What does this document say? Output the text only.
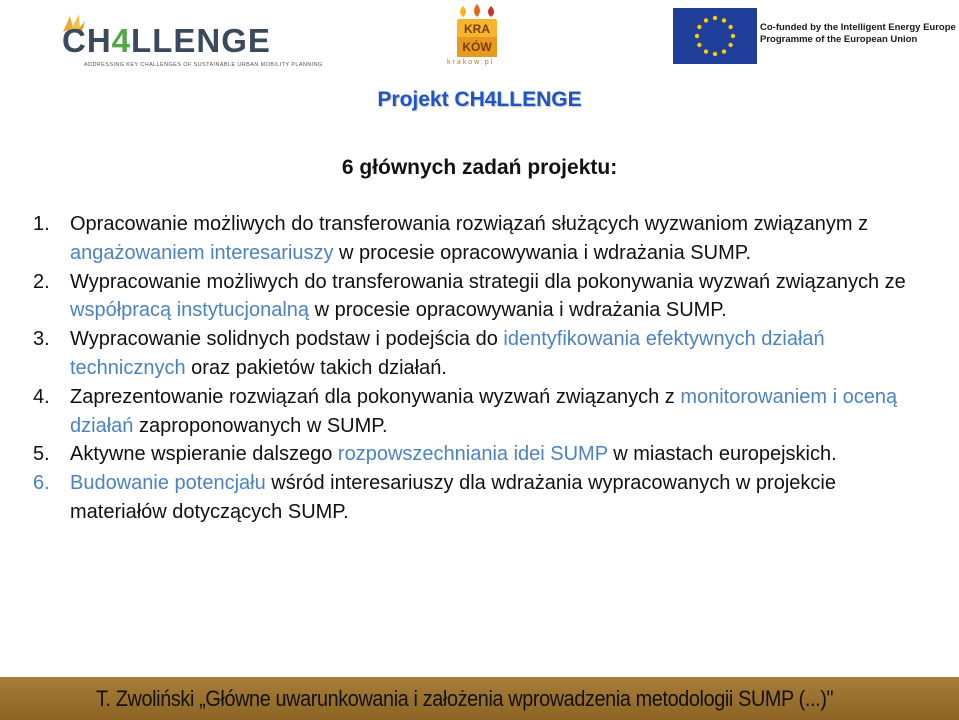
CH4LLENGE
ADDRESSING KEY CHALLENGES OF SUSTAINABLE URBAN MOBILITY PLANNING
KRA
KÓW
krakow.pl
Co-funded by the Intelligent Energy Europe
Programme of the European Union
Projekt CH4LLENGE
6 głównych zadań projektu:
1. Opracowanie możliwych do transferowania rozwiązań służących wyzwaniom związanym z angażowaniem interesariuszy w procesie opracowywania i wdrażania SUMP.
2. Wypracowanie możliwych do transferowania strategii dla pokonywania wyzwań związanych ze współpracą instytucjonalną w procesie opracowywania i wdrażania SUMP.
3. Wypracowanie solidnych podstaw i podejścia do identyfikowania efektywnych działań technicznych oraz pakietów takich działań.
4. Zaprezentowanie rozwiązań dla pokonywania wyzwań związanych z monitorowaniem i oceną działań zaproponowanych w SUMP.
5. Aktywne wspieranie dalszego rozpowszechniania idei SUMP w miastach europejskich.
6. Budowanie potencjału wśród interesariuszy dla wdrażania wypracowanych w projekcie materiałów dotyczących SUMP.
T. Zwoliński „Główne uwarunkowania i założenia wprowadzenia metodologii SUMP (...)"
